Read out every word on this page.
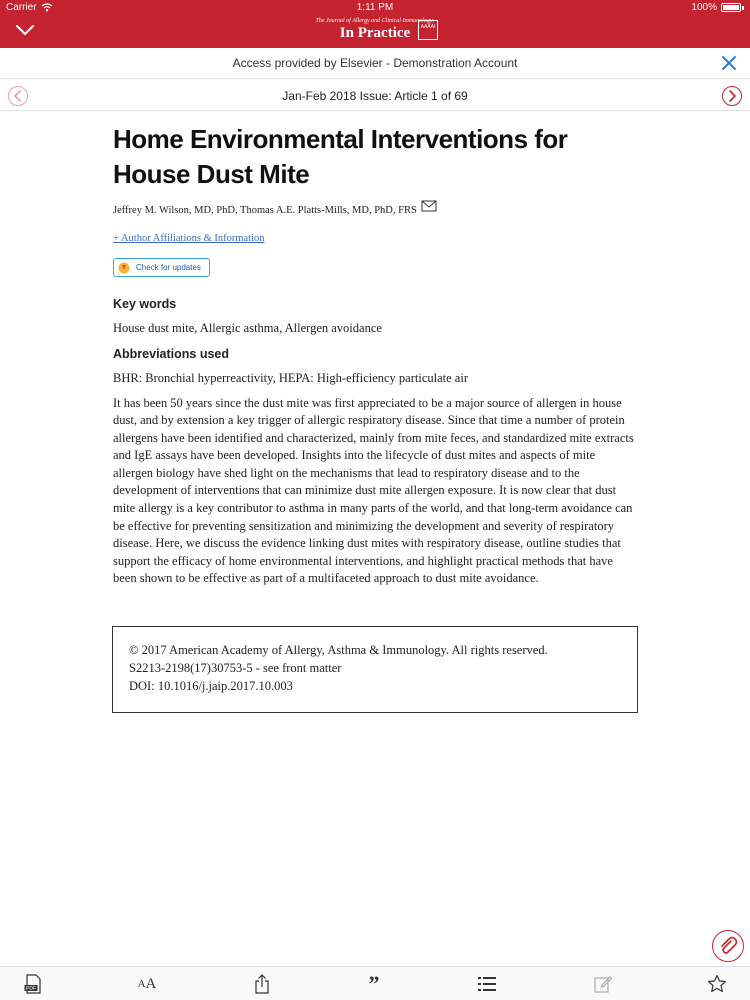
Carrier	1:11 PM	100%
The Journal of Allergy and Clinical Immunology:
In Practice	AAAAI
Access provided by Elsevier - Demonstration Account
Jan-Feb 2018 Issue: Article 1 of 69
Home Environmental Interventions for House Dust Mite
Jeffrey M. Wilson, MD, PhD, Thomas A.E. Platts-Mills, MD, PhD, FRS
+ Author Affiliations & Information
Check for updates
Key words
House dust mite, Allergic asthma, Allergen avoidance
Abbreviations used
BHR: Bronchial hyperreactivity, HEPA: High-efficiency particulate air

It has been 50 years since the dust mite was first appreciated to be a major source of allergen in house dust, and by extension a key trigger of allergic respiratory disease. Since that time a number of protein allergens have been identified and characterized, mainly from mite feces, and standardized mite extracts and IgE assays have been developed. Insights into the lifecycle of dust mites and aspects of mite allergen biology have shed light on the mechanisms that lead to respiratory disease and to the development of interventions that can minimize dust mite allergen exposure. It is now clear that dust mite allergy is a key contributor to asthma in many parts of the world, and that long-term avoidance can be effective for preventing sensitization and minimizing the development and severity of respiratory disease. Here, we discuss the evidence linking dust mites with respiratory disease, outline studies that support the efficacy of home environmental interventions, and highlight practical methods that have been shown to be effective as part of a multifaceted approach to dust mite avoidance.

© 2017 American Academy of Allergy, Asthma & Immunology. All rights reserved.
S2213-2198(17)30753-5 - see front matter
DOI: 10.1016/j.jaip.2017.10.003
PDF	A A	”
